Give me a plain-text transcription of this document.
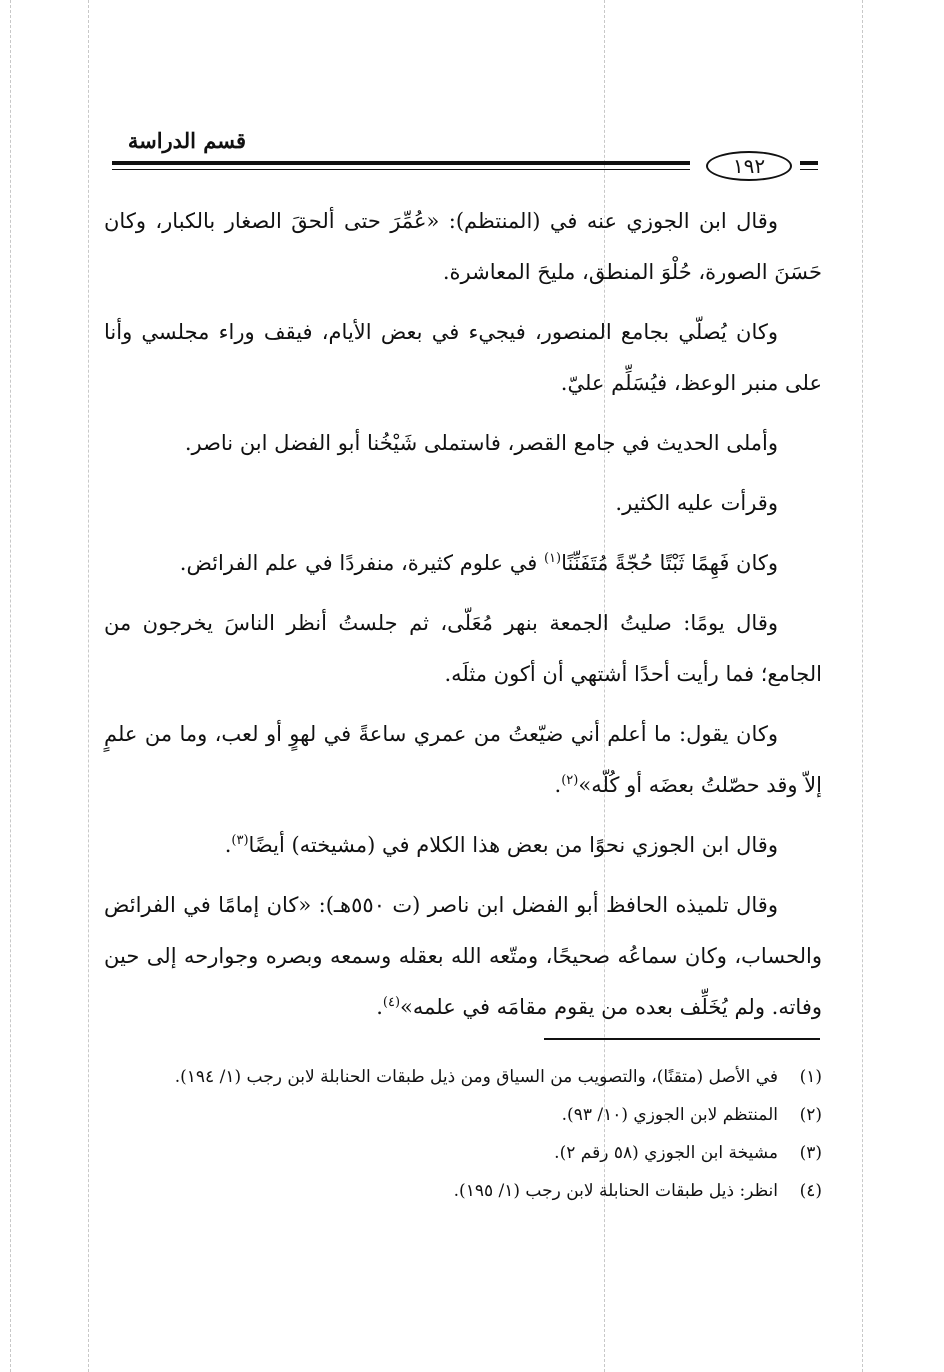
قسم الدراسة
١٩٢

وقال ابن الجوزي عنه في (المنتظم): «عُمِّرَ حتى ألحقَ الصغار بالكبار، وكان حَسَنَ الصورة، حُلْوَ المنطق، مليحَ المعاشرة.

وكان يُصلّي بجامع المنصور، فيجيء في بعض الأيام، فيقف وراء مجلسي وأنا على منبر الوعظ، فيُسَلِّم عليّ.

وأملى الحديث في جامع القصر، فاستملى شَيْخُنا أبو الفضل ابن ناصر.

وقرأت عليه الكثير.

وكان فَهِمًا ثَبْتًا حُجّةً مُتَفَنِّنًا$^{(١)}$ في علوم كثيرة، منفردًا في علم الفرائض.

وقال يومًا: صليتُ الجمعة بنهر مُعَلّى، ثم جلستُ أنظر الناسَ يخرجون من الجامع؛ فما رأيت أحدًا أشتهي أن أكون مثلَه.

وكان يقول: ما أعلم أني ضيّعتُ من عمري ساعةً في لهوٍ أو لعب، وما من علمٍ إلاّ وقد حصّلتُ بعضَه أو كُلّه»$^{(٢)}$.

وقال ابن الجوزي نحوًا من بعض هذا الكلام في (مشيخته) أيضًا$^{(٣)}$.

وقال تلميذه الحافظ أبو الفضل ابن ناصر (ت ٥٥٠هـ): «كان إمامًا في الفرائض والحساب، وكان سماعُه صحيحًا، ومتّعه الله بعقله وسمعه وبصره وجوارحه إلى حين وفاته. ولم يُخَلِّف بعده من يقوم مقامَه في علمه»$^{(٤)}$.

(١)
في الأصل (متقنًا)، والتصويب من السياق ومن ذيل طبقات الحنابلة لابن رجب (١/ ١٩٤).
(٢)
المنتظم لابن الجوزي (١٠/ ٩٣).
(٣)
مشيخة ابن الجوزي (٥٨ رقم ٢).
(٤)
انظر: ذيل طبقات الحنابلة لابن رجب (١/ ١٩٥).
